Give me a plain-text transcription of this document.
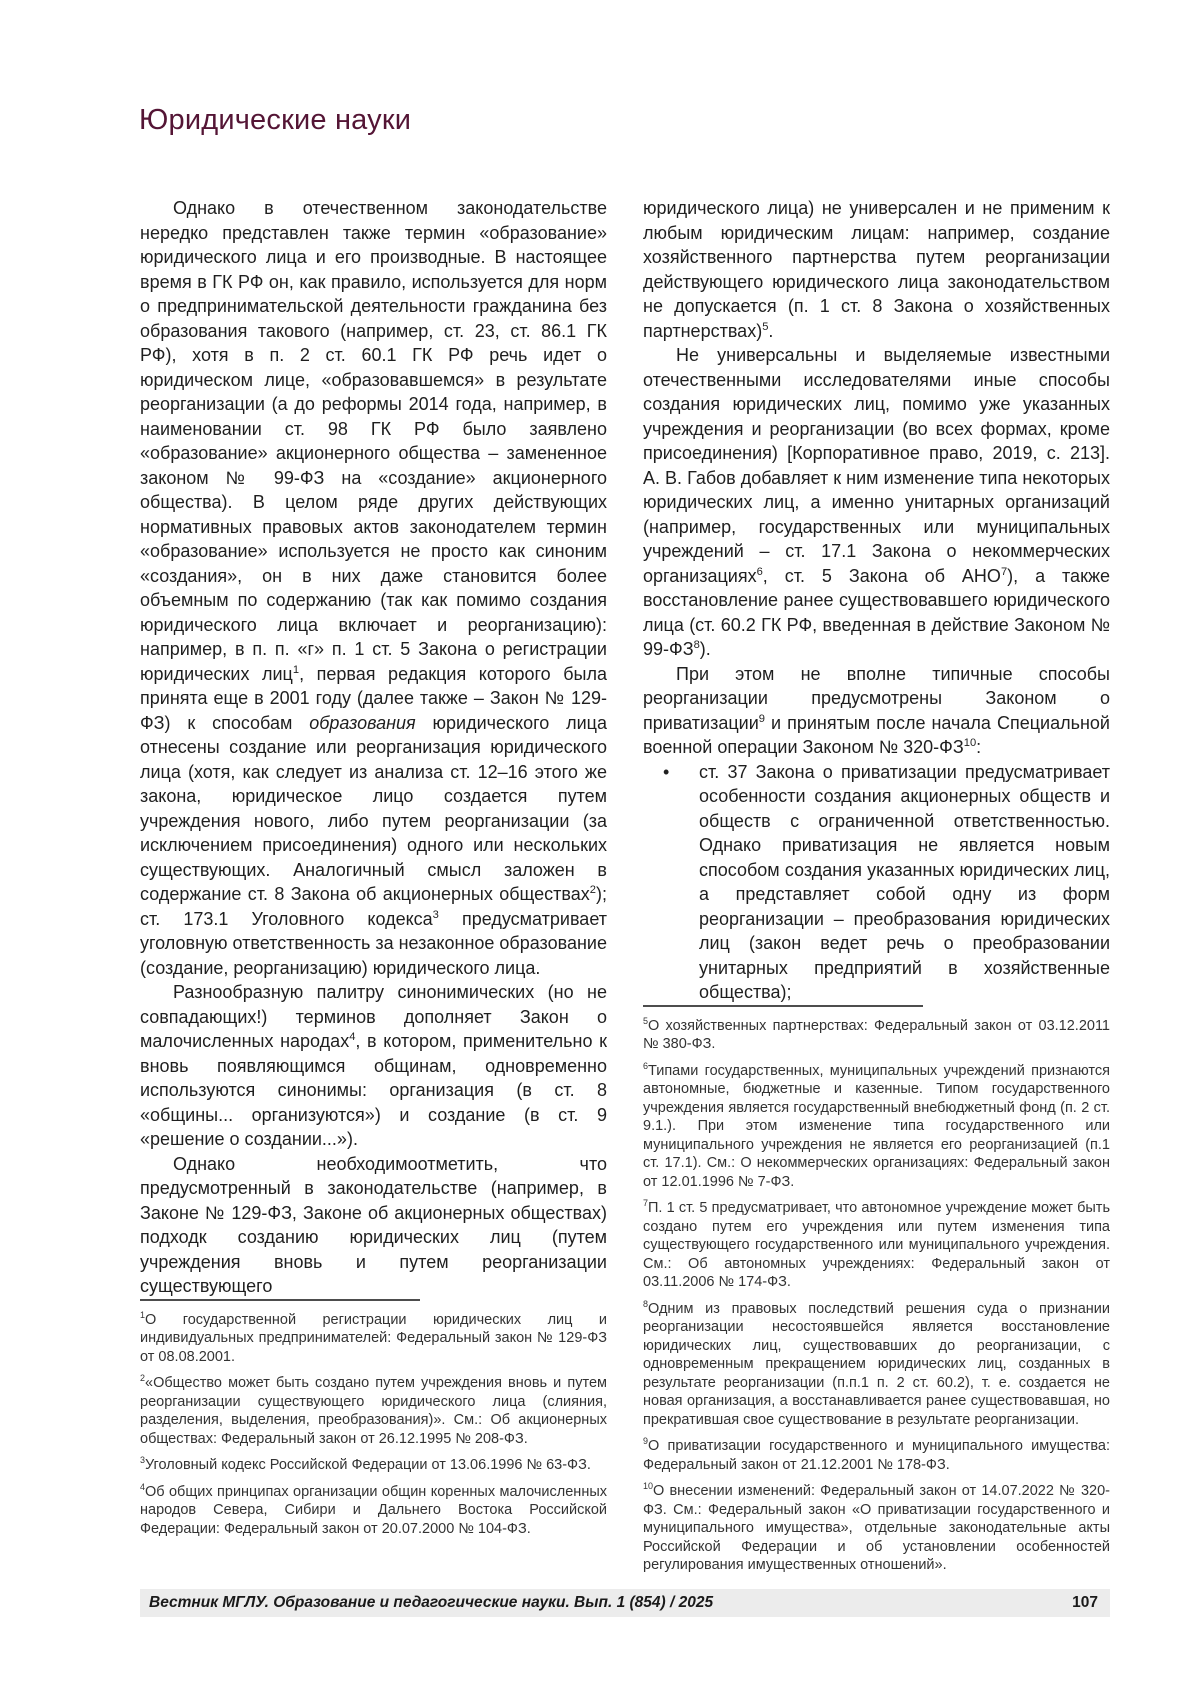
Юридические науки

Однако в отечественном законодательстве нередко представлен также термин «образование» юридического лица и его производные. В настоящее время в ГК РФ он, как правило, используется для норм о предпринимательской деятельности гражданина без образования такового (например, ст. 23, ст. 86.1 ГК РФ), хотя в п. 2 ст. 60.1 ГК РФ речь идет о юридическом лице, «образовавшемся» в результате реорганизации (а до реформы 2014 года, например, в наименовании ст. 98 ГК РФ было заявлено «образование» акционерного общества – замененное законом № 99-ФЗ на «создание» акционерного общества). В целом ряде других действующих нормативных правовых актов законодателем термин «образование» используется не просто как синоним «создания», он в них даже становится более объемным по содержанию (так как помимо создания юридического лица включает и реорганизацию): например, в п. п. «г» п. 1 ст. 5 Закона о регистрации юридических лиц$^1$, первая редакция которого была принята еще в 2001 году (далее также – Закон № 129-ФЗ) к способам образования юридического лица отнесены создание или реорганизация юридического лица (хотя, как следует из анализа ст. 12–16 этого же закона, юридическое лицо создается путем учреждения нового, либо путем реорганизации (за исключением присоединения) одного или нескольких существующих. Аналогичный смысл заложен в содержание ст. 8 Закона об акционерных обществах$^2$); ст. 173.1 Уголовного кодекса$^3$ предусматривает уголовную ответственность за незаконное образование (создание, реорганизацию) юридического лица.

Разнообразную палитру синонимических (но не совпадающих!) терминов дополняет Закон о малочисленных народах$^4$, в котором, применительно к вновь появляющимся общинам, одновременно используются синонимы: организация (в ст. 8 «общины... организуются») и создание (в ст. 9 «решение о создании...»).

Однако необходимоотметить, что предусмотренный в законодательстве (например, в Законе № 129-ФЗ, Законе об акционерных обществах) подходк созданию юридических лиц (путем учреждения вновь и путем реорганизации существующего

$^1$О государственной регистрации юридических лиц и индивидуальных предпринимателей: Федеральный закон № 129-ФЗ от 08.08.2001.

$^2$«Общество может быть создано путем учреждения вновь и путем реорганизации существующего юридического лица (слияния, разделения, выделения, преобразования)». См.: Об акционерных обществах: Федеральный закон от 26.12.1995 № 208-ФЗ.

$^3$Уголовный кодекс Российской Федерации от 13.06.1996 № 63-ФЗ.

$^4$Об общих принципах организации общин коренных малочисленных народов Севера, Сибири и Дальнего Востока Российской Федерации: Федеральный закон от 20.07.2000 № 104-ФЗ.

юридического лица) не универсален и не применим к любым юридическим лицам: например, создание хозяйственного партнерства путем реорганизации действующего юридического лица законодательством не допускается (п. 1 ст. 8 Закона о хозяйственных партнерствах)$^5$.

Не универсальны и выделяемые известными отечественными исследователями иные способы создания юридических лиц, помимо уже указанных учреждения и реорганизации (во всех формах, кроме присоединения) [Корпоративное право, 2019, с. 213]. А. В. Габов добавляет к ним изменение типа некоторых юридических лиц, а именно унитарных организаций (например, государственных или муниципальных учреждений – ст. 17.1 Закона о некоммерческих организациях$^6$, ст. 5 Закона об АНО$^7$), а также восстановление ранее существовавшего юридического лица (ст. 60.2 ГК РФ, введенная в действие Законом № $99-ФЗ^8$).

При этом не вполне типичные способы реорганизации предусмотрены Законом о приватизации$^9$ и принятым после начала Специальной военной операции Законом № 320-ФЗ$^{10}$:

• ст. 37 Закона о приватизации предусматривает особенности создания акционерных обществ и обществ с ограниченной ответственностью. Однако приватизация не является новым способом создания указанных юридических лиц, а представляет собой одну из форм реорганизации – преобразования юридических лиц (закон ведет речь о преобразовании унитарных предприятий в хозяйственные общества);

$^5$О хозяйственных партнерствах: Федеральный закон от 03.12.2011 № 380-ФЗ.

$^6$Типами государственных, муниципальных учреждений признаются автономные, бюджетные и казенные. Типом государственного учреждения является государственный внебюджетный фонд (п. 2 ст. 9.1.). При этом изменение типа государственного или муниципального учреждения не является его реорганизацией (п.1 ст. 17.1). См.: О некоммерческих организациях: Федеральный закон от 12.01.1996 № 7-ФЗ.

$^7$П. 1 ст. 5 предусматривает, что автономное учреждение может быть создано путем его учреждения или путем изменения типа существующего государственного или муниципального учреждения. См.: Об автономных учреждениях: Федеральный закон от 03.11.2006 № 174-ФЗ.

$^8$Одним из правовых последствий решения суда о признании реорганизации несостоявшейся является восстановление юридических лиц, существовавших до реорганизации, с одновременным прекращением юридических лиц, созданных в результате реорганизации (п.п.1 п. 2 ст. 60.2), т. е. создается не новая организация, а восстанавливается ранее существовавшая, но прекратившая свое существование в результате реорганизации.

$^9$О приватизации государственного и муниципального имущества: Федеральный закон от 21.12.2001 № 178-ФЗ.

$^{10}$О внесении изменений: Федеральный закон от 14.07.2022 № 320-ФЗ. См.: Федеральный закон «О приватизации государственного и муниципального имущества», отдельные законодательные акты Российской Федерации и об установлении особенностей регулирования имущественных отношений».

Вестник МГЛУ. Образование и педагогические науки. Вып. 1 (854) / 2025	107
